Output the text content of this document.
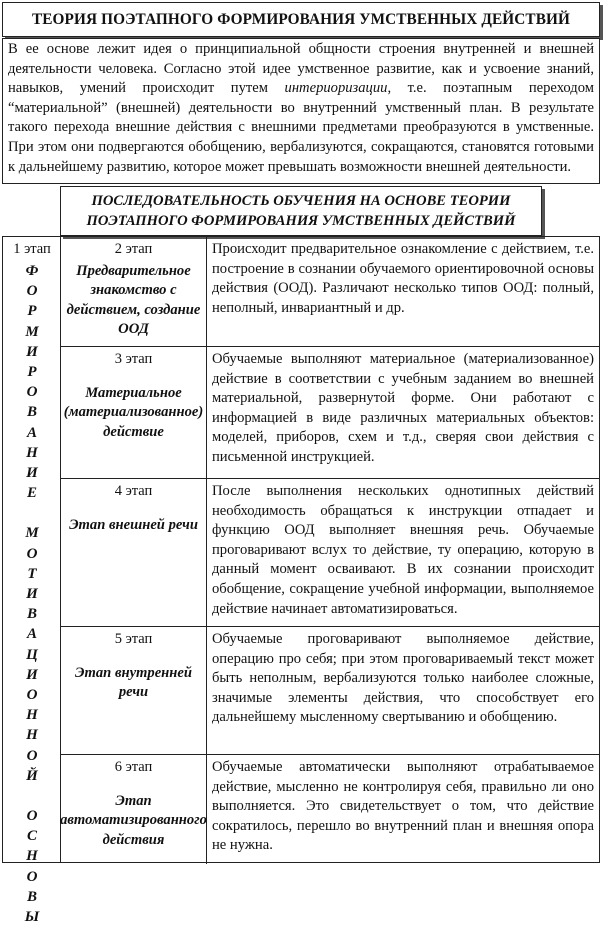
ТЕОРИЯ ПОЭТАПНОГО ФОРМИРОВАНИЯ УМСТВЕННЫХ ДЕЙСТВИЙ

В ее основе лежит идея о принципиальной общности строения внутренней и внешней деятельности человека. Согласно этой идее умственное развитие, как и усвоение знаний, навыков, умений происходит путем интериоризации, т.е. поэтапным переходом “материальной” (внешней) деятельности во внутренний умственный план. В результате такого перехода внешние действия с внешними предметами преобразуются в умственные. При этом они подвергаются обобщению, вербализуются, сокращаются, становятся готовыми к дальнейшему развитию, которое может превышать возможности внешней деятельности.

ПОСЛЕДОВАТЕЛЬНОСТЬ ОБУЧЕНИЯ НА ОСНОВЕ ТЕОРИИ
ПОЭТАПНОГО ФОРМИРОВАНИЯ УМСТВЕННЫХ ДЕЙСТВИЙ
1 этап
Ф
О
Р
М
И
Р
О
В
А
Н
И
Е

М
О
Т
И
В
А
Ц
И
О
Н
Н
О
Й

О
С
Н
О
В
Ы
2 этап
Предварительное знакомство с действием, создание ООД

Происходит предварительное ознакомление с действием, т.е. построение в сознании обучаемого ориентировочной основы действия (ООД). Различают несколько типов ООД: полный, неполный, инвариантный и др.

3 этап
Материальное (материализованное) действие

Обучаемые выполняют материальное (материализованное) действие в соответствии с учебным заданием во внешней материальной, развернутой форме. Они работают с информацией в виде различных материальных объектов: моделей, приборов, схем и т.д., сверяя свои действия с письменной инструкцией.

4 этап
Этап внешней речи

После выполнения нескольких однотипных действий необходимость обращаться к инструкции отпадает и функцию ООД выполняет внешняя речь. Обучаемые проговаривают вслух то действие, ту операцию, которую в данный момент осваивают. В их сознании происходит обобщение, сокращение учебной информации, выполняемое действие начинает автоматизироваться.

5 этап
Этап внутренней речи

Обучаемые проговаривают выполняемое действие, операцию про себя; при этом проговариваемый текст может быть неполным, вербализуются только наиболее сложные, значимые элементы действия, что способствует его дальнейшему мысленному свертыванию и обобщению.

6 этап
Этап автоматизированного действия

Обучаемые автоматически выполняют отрабатываемое действие, мысленно не контролируя себя, правильно ли оно выполняется. Это свидетельствует о том, что действие сократилось, перешло во внутренний план и внешняя опора не нужна.
